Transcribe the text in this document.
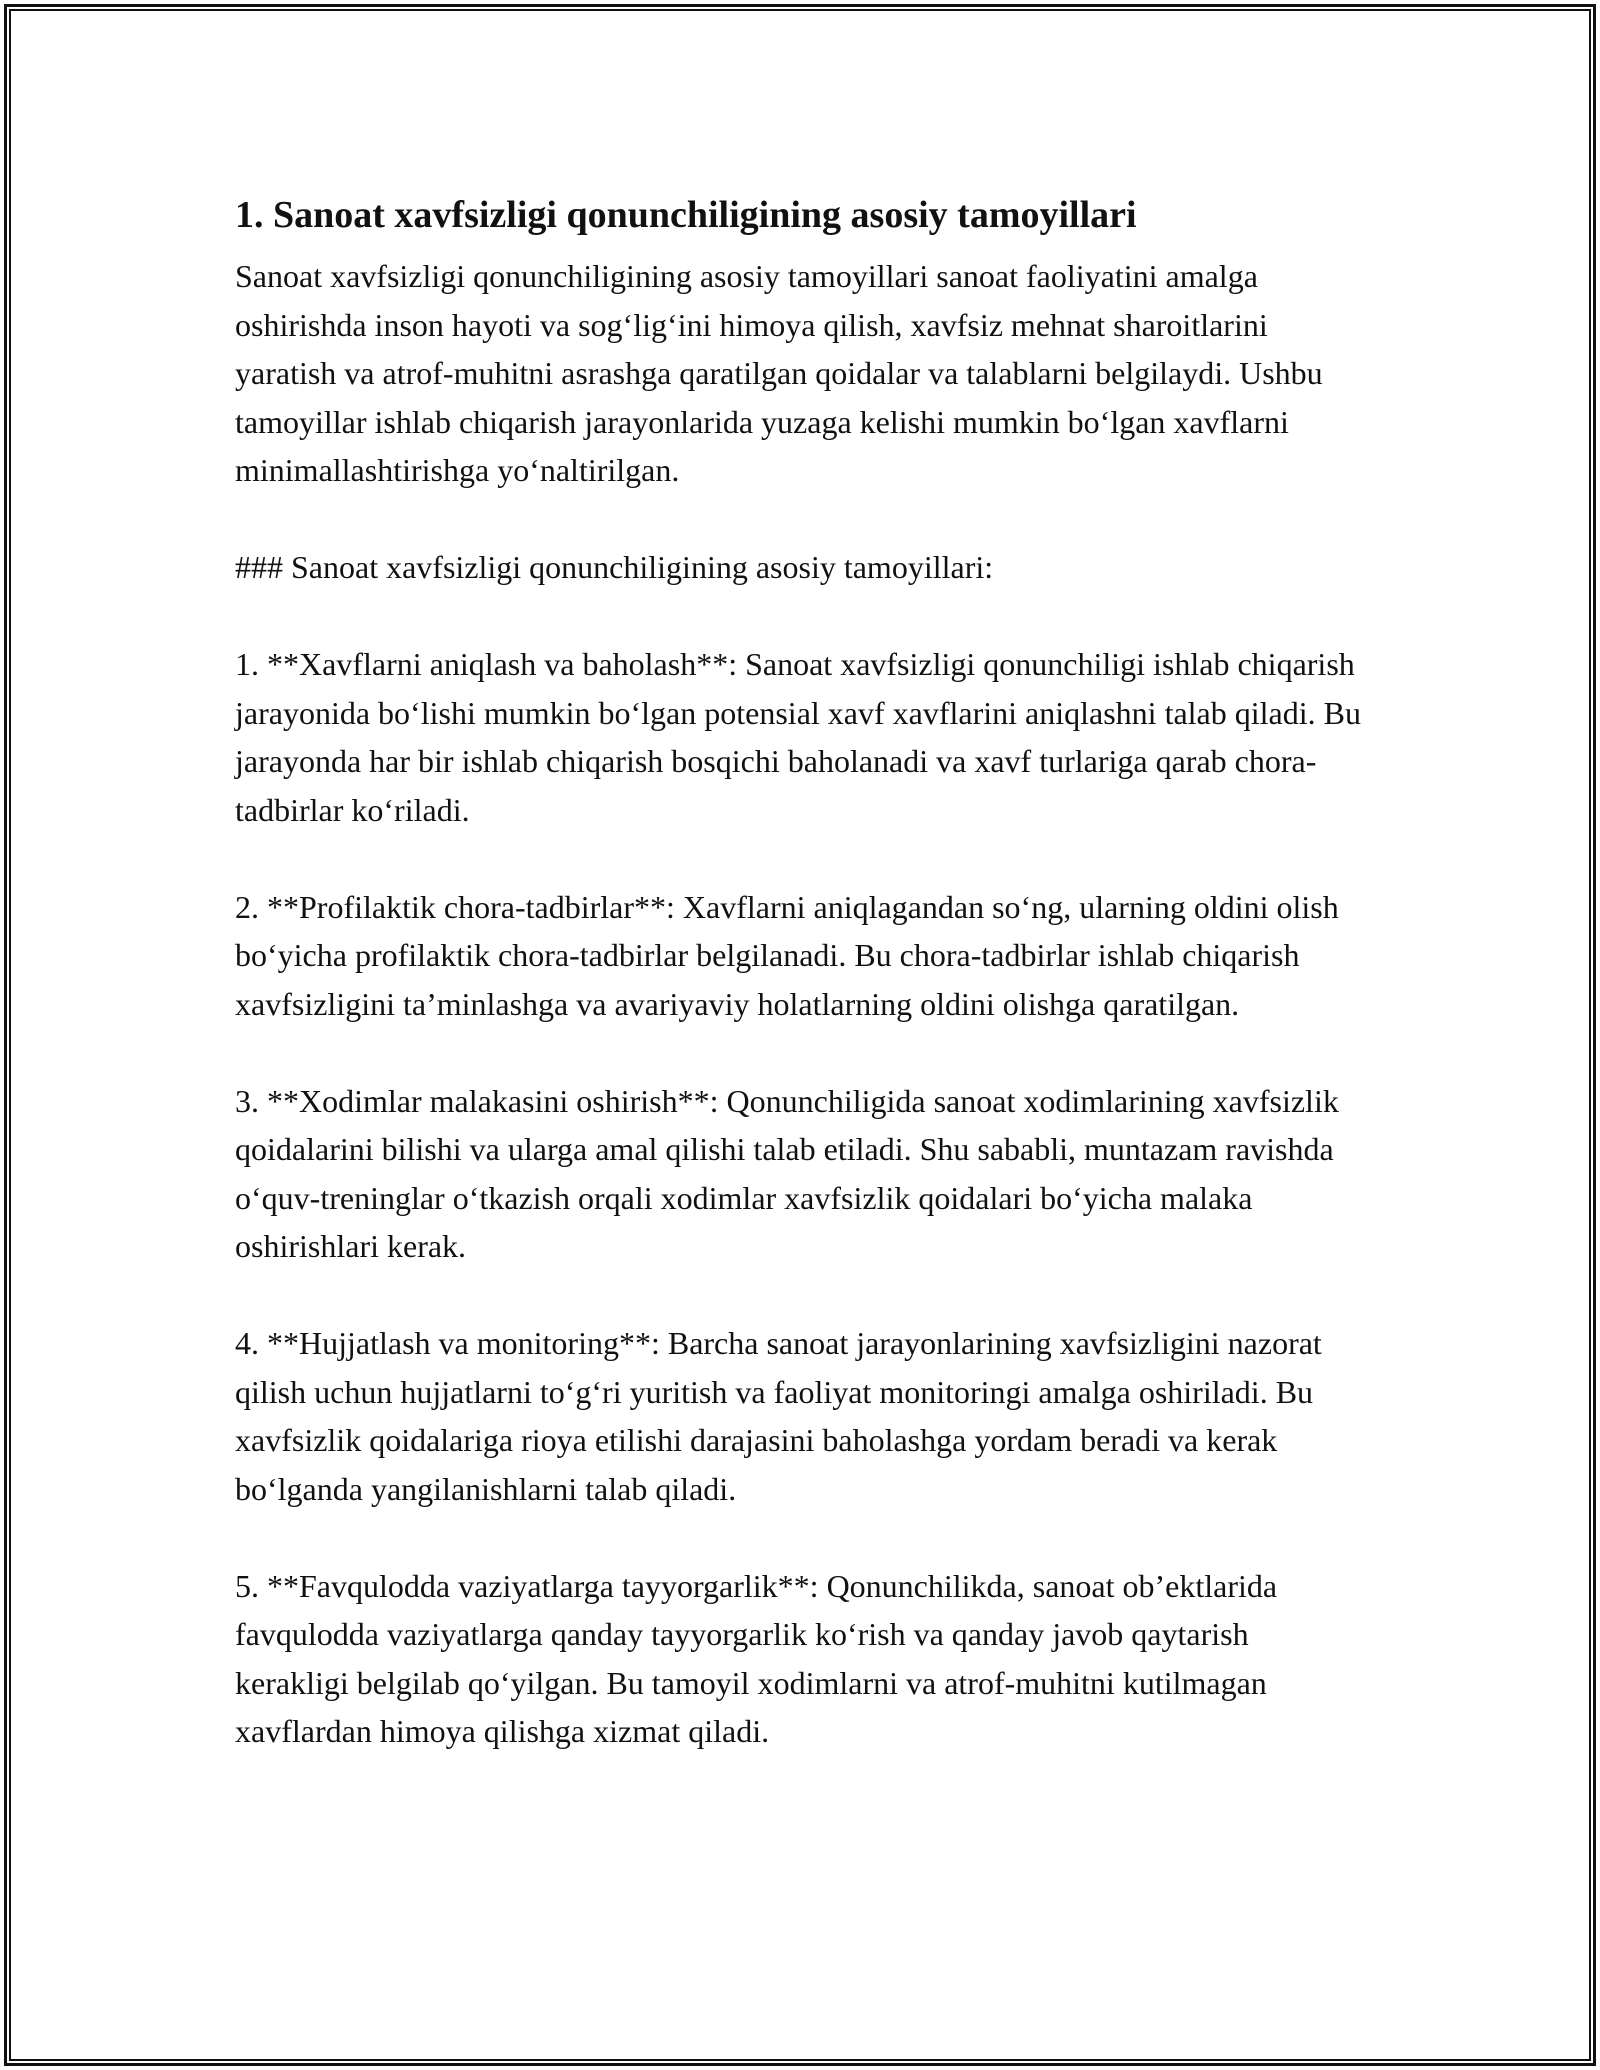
1. Sanoat xavfsizligi qonunchiligining asosiy tamoyillari

Sanoat xavfsizligi qonunchiligining asosiy tamoyillari sanoat faoliyatini amalga oshirishda inson hayoti va sog‘lig‘ini himoya qilish, xavfsiz mehnat sharoitlarini yaratish va atrof-muhitni asrashga qaratilgan qoidalar va talablarni belgilaydi. Ushbu tamoyillar ishlab chiqarish jarayonlarida yuzaga kelishi mumkin bo‘lgan xavflarni minimallashtirishga yo‘naltirilgan.

### Sanoat xavfsizligi qonunchiligining asosiy tamoyillari:

1. **Xavflarni aniqlash va baholash**: Sanoat xavfsizligi qonunchiligi ishlab chiqarish jarayonida bo‘lishi mumkin bo‘lgan potensial xavf xavflarini aniqlashni talab qiladi. Bu jarayonda har bir ishlab chiqarish bosqichi baholanadi va xavf turlariga qarab chora-tadbirlar ko‘riladi.

2. **Profilaktik chora-tadbirlar**: Xavflarni aniqlagandan so‘ng, ularning oldini olish bo‘yicha profilaktik chora-tadbirlar belgilanadi. Bu chora-tadbirlar ishlab chiqarish xavfsizligini ta’minlashga va avariyaviy holatlarning oldini olishga qaratilgan.

3. **Xodimlar malakasini oshirish**: Qonunchiligida sanoat xodimlarining xavfsizlik qoidalarini bilishi va ularga amal qilishi talab etiladi. Shu sababli, muntazam ravishda o‘quv-treninglar o‘tkazish orqali xodimlar xavfsizlik qoidalari bo‘yicha malaka oshirishlari kerak.

4. **Hujjatlash va monitoring**: Barcha sanoat jarayonlarining xavfsizligini nazorat qilish uchun hujjatlarni to‘g‘ri yuritish va faoliyat monitoringi amalga oshiriladi. Bu xavfsizlik qoidalariga rioya etilishi darajasini baholashga yordam beradi va kerak bo‘lganda yangilanishlarni talab qiladi.

5. **Favqulodda vaziyatlarga tayyorgarlik**: Qonunchilikda, sanoat ob’ektlarida favqulodda vaziyatlarga qanday tayyorgarlik ko‘rish va qanday javob qaytarish kerakligi belgilab qo‘yilgan. Bu tamoyil xodimlarni va atrof-muhitni kutilmagan xavflardan himoya qilishga xizmat qiladi.
